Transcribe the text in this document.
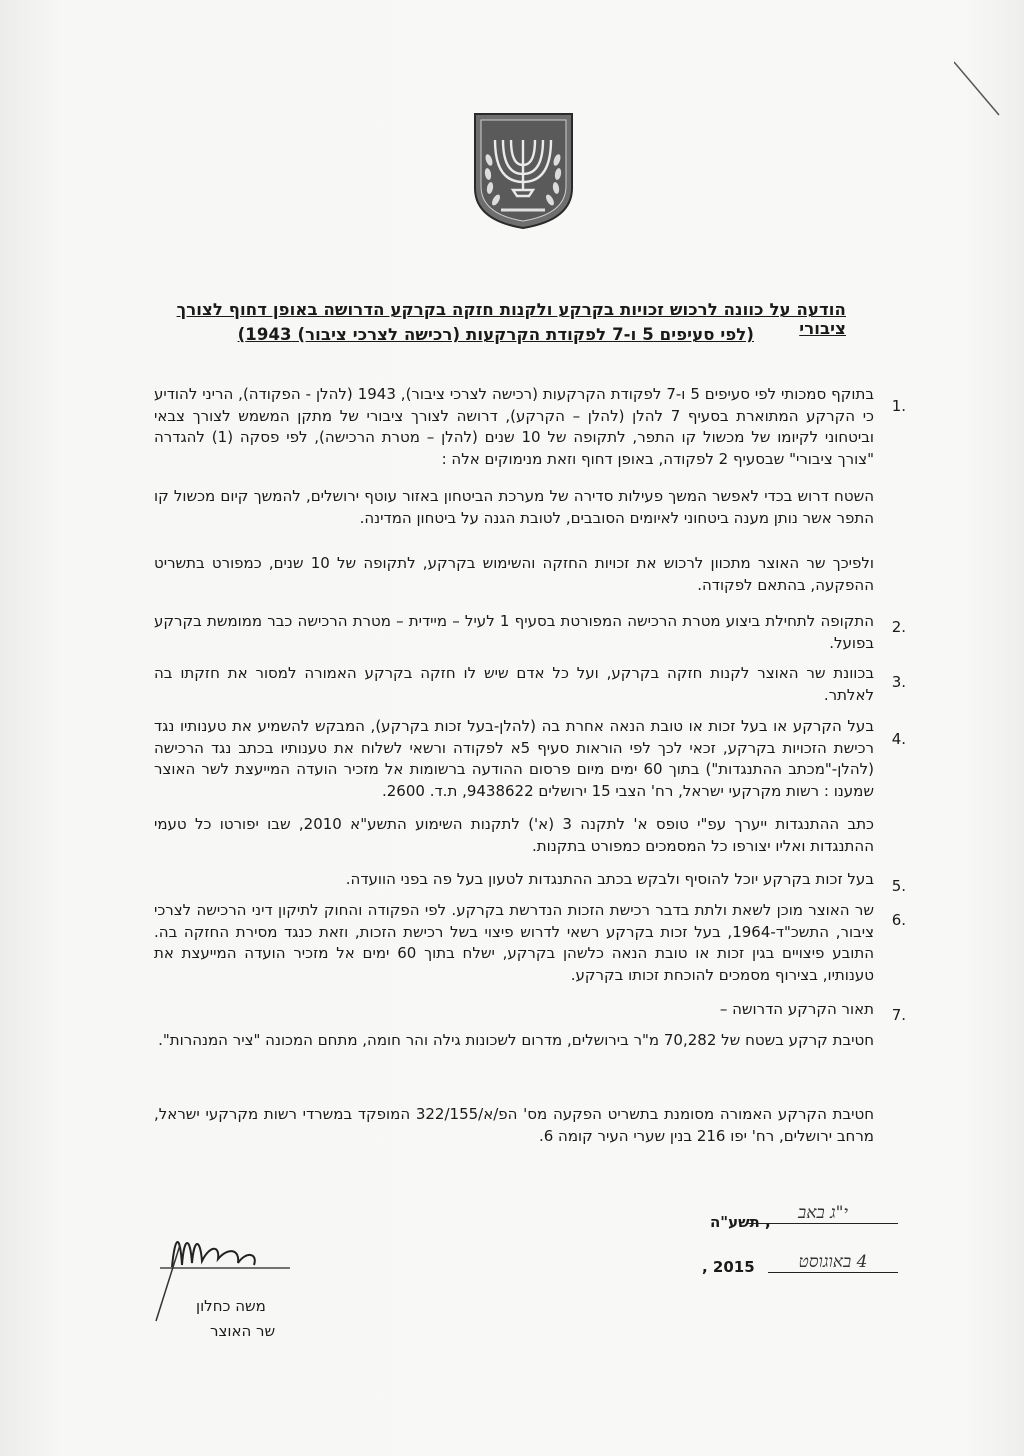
הודעה על כוונה לרכוש זכויות בקרקע ולקנות חזקה בקרקע הדרושה באופן דחוף לצורך ציבורי
(לפי סעיפים 5 ו-7 לפקודת הקרקעות (רכישה לצרכי ציבור) 1943)
1.
בתוקף סמכותי לפי סעיפים 5 ו-7 לפקודת הקרקעות (רכישה לצרכי ציבור), 1943 (להלן - הפקודה), הריני להודיע כי הקרקע המתוארת בסעיף 7 להלן (להלן – הקרקע), דרושה לצורך ציבורי של מתקן המשמש לצורך צבאי וביטחוני לקיומו של מכשול קו התפר, לתקופה של 10 שנים (להלן – מטרת הרכישה), לפי פסקה (1) להגדרה "צורך ציבורי" שבסעיף 2 לפקודה, באופן דחוף וזאת מנימוקים אלה :
השטח דרוש בכדי לאפשר המשך פעילות סדירה של מערכת הביטחון באזור עוטף ירושלים, להמשך קיום מכשול קו התפר אשר נותן מענה ביטחוני לאיומים הסובבים, לטובת הגנה על ביטחון המדינה.
ולפיכך שר האוצר מתכוון לרכוש את זכויות החזקה והשימוש בקרקע, לתקופה של 10 שנים, כמפורט בתשריט ההפקעה, בהתאם לפקודה.
2.
התקופה לתחילת ביצוע מטרת הרכישה המפורטת בסעיף 1 לעיל – מיידית – מטרת הרכישה כבר ממומשת בקרקע בפועל.
3.
בכוונת שר האוצר לקנות חזקה בקרקע, ועל כל אדם שיש לו חזקה בקרקע האמורה למסור את חזקתו בה לאלתר.
4.
בעל הקרקע או בעל זכות או טובת הנאה אחרת בה (להלן-בעל זכות בקרקע), המבקש להשמיע את טענותיו נגד רכישת הזכויות בקרקע, זכאי לכך לפי הוראות סעיף 5א לפקודה ורשאי לשלוח את טענותיו בכתב נגד הרכישה (להלן-"מכתב ההתנגדות") בתוך 60 ימים מיום פרסום ההודעה ברשומות אל מזכיר הועדה המייעצת לשר האוצר שמענו : רשות מקרקעי ישראל, רח' הצבי 15 ירושלים 9438622, ת.ד. 2600.
כתב ההתנגדות ייערך עפ"י טופס א' לתקנה 3 (א') לתקנות השימוע התשע"א 2010, שבו יפורטו כל טעמי ההתנגדות ואליו יצורפו כל המסמכים כמפורט בתקנות.
5.
בעל זכות בקרקע יוכל להוסיף ולבקש בכתב ההתנגדות לטעון בעל פה בפני הוועדה.
6.
שר האוצר מוכן לשאת ולתת בדבר רכישת הזכות הנדרשת בקרקע. לפי הפקודה והחוק לתיקון דיני הרכישה לצרכי ציבור, התשכ"ד-1964, בעל זכות בקרקע רשאי לדרוש פיצוי בשל רכישת הזכות, וזאת כנגד מסירת החזקה בה. התובע פיצויים בגין זכות או טובת הנאה כלשהן בקרקע, ישלח בתוך 60 ימים אל מזכיר הועדה המייעצת את טענותיו, בצירוף מסמכים להוכחת זכותו בקרקע.
7.
תאור הקרקע הדרושה –
חטיבת קרקע בשטח של 70,282 מ"ר בירושלים, מדרום לשכונות גילה והר חומה, מתחם המכונה "ציר המנהרות".
חטיבת הקרקע האמורה מסומנת בתשריט הפקעה מס' הפ/א/322/155 המופקד במשרדי רשות מקרקעי ישראל, מרחב ירושלים, רח' יפו 216 בנין שערי העיר קומה 6.
, תשע"ה	י"ג באב
2015 ,	4 באוגוסט
משה כחלון
שר האוצר
